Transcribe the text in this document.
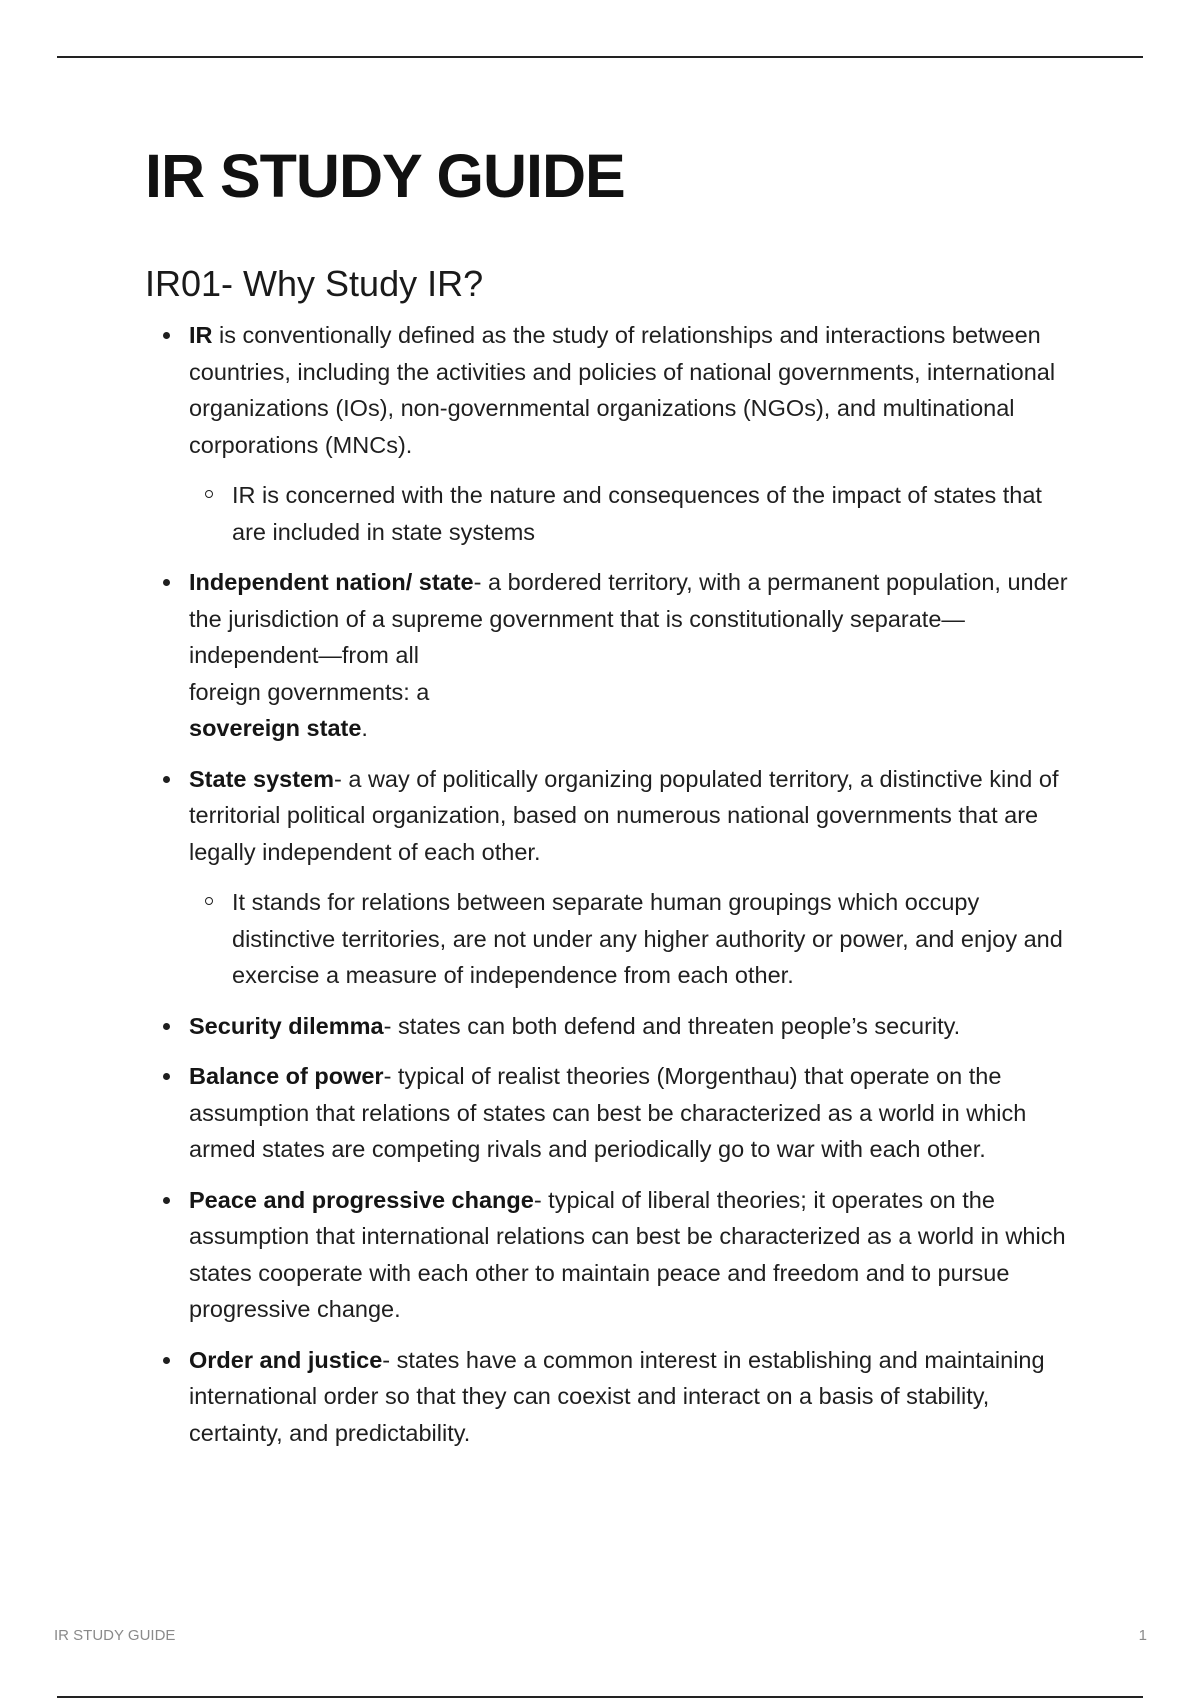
IR STUDY GUIDE
IR01- Why Study IR?
IR is conventionally defined as the study of relationships and interactions between countries, including the activities and policies of national governments, international organizations (IOs), non-governmental organizations (NGOs), and multinational corporations (MNCs).
IR is concerned with the nature and consequences of the impact of states that are included in state systems
Independent nation/ state- a bordered territory, with a permanent population, under the jurisdiction of a supreme government that is constitutionally separate—independent—from all
foreign governments: a
sovereign state.
State system- a way of politically organizing populated territory, a distinctive kind of territorial political organization, based on numerous national governments that are legally independent of each other.
It stands for relations between separate human groupings which occupy distinctive territories, are not under any higher authority or power, and enjoy and exercise a measure of independence from each other.
Security dilemma- states can both defend and threaten people’s security.
Balance of power- typical of realist theories (Morgenthau) that operate on the assumption that relations of states can best be characterized as a world in which armed states are competing rivals and periodically go to war with each other.
Peace and progressive change- typical of liberal theories; it operates on the assumption that international relations can best be characterized as a world in which states cooperate with each other to maintain peace and freedom and to pursue progressive change.
Order and justice- states have a common interest in establishing and maintaining international order so that they can coexist and interact on a basis of stability, certainty, and predictability.
IR STUDY GUIDE	1
